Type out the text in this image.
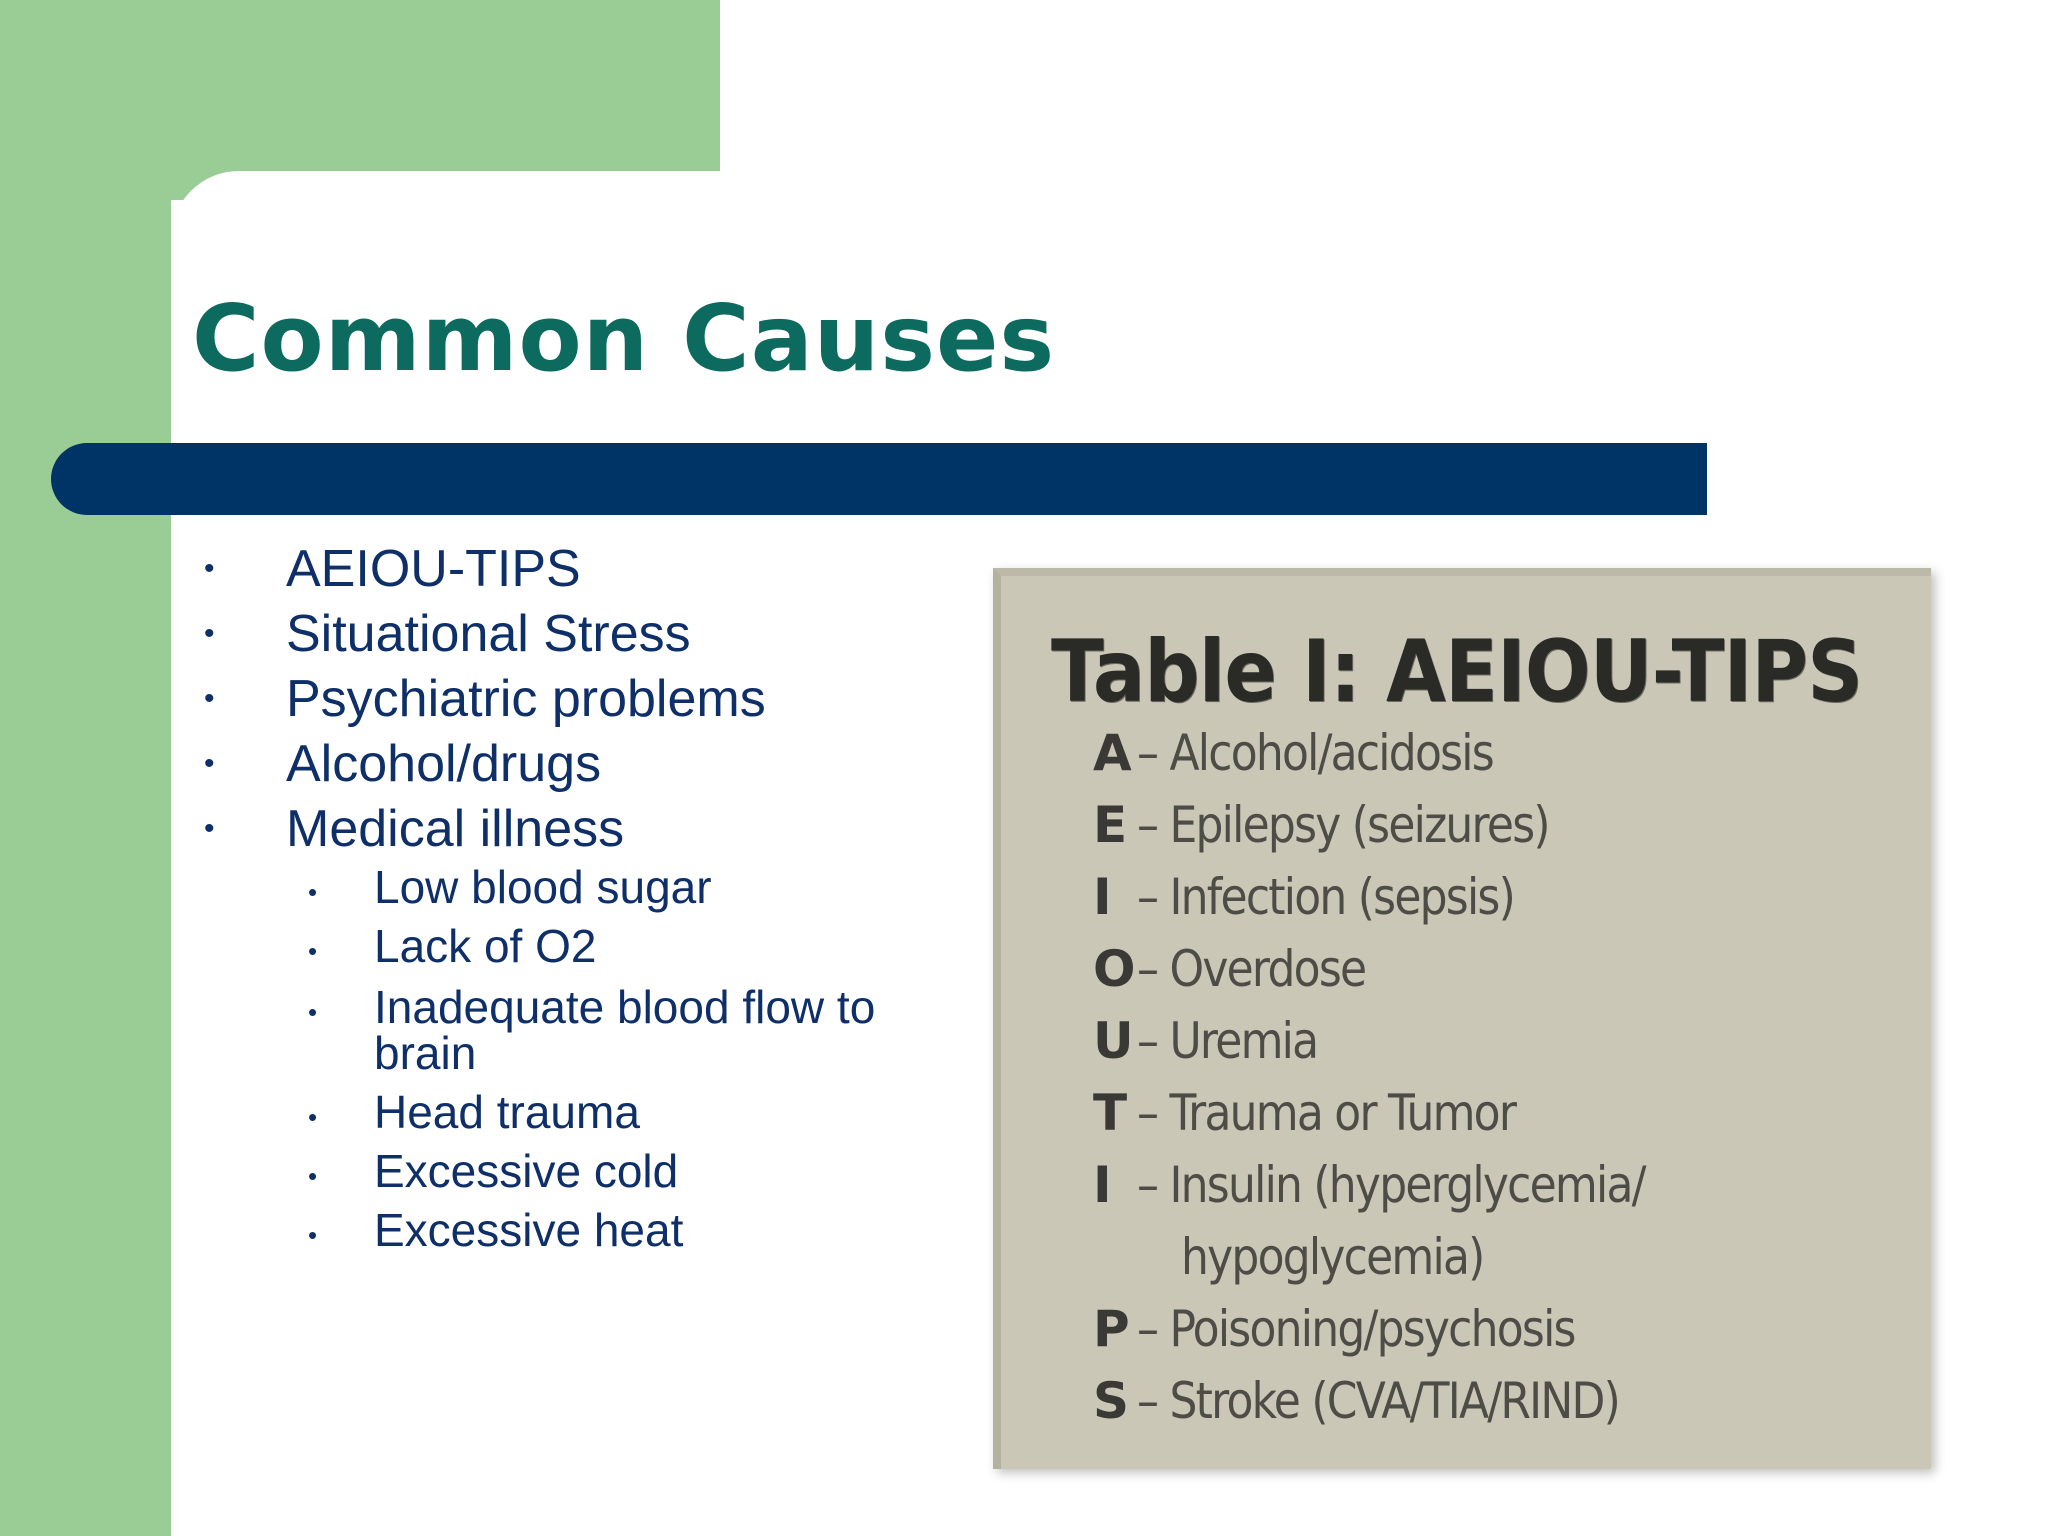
Common Causes
• AEIOU-TIPS
• Situational Stress
• Psychiatric problems
• Alcohol/drugs
• Medical illness
• Low blood sugar
• Lack of O2
• Inadequate blood flow to brain
• Head trauma
• Excessive cold
• Excessive heat
Table I: AEIOU-TIPS
A – Alcohol/acidosis
E – Epilepsy (seizures)
I – Infection (sepsis)
O – Overdose
U – Uremia
T – Trauma or Tumor
I – Insulin (hyperglycemia/
hypoglycemia)
P – Poisoning/psychosis
S – Stroke (CVA/TIA/RIND)
